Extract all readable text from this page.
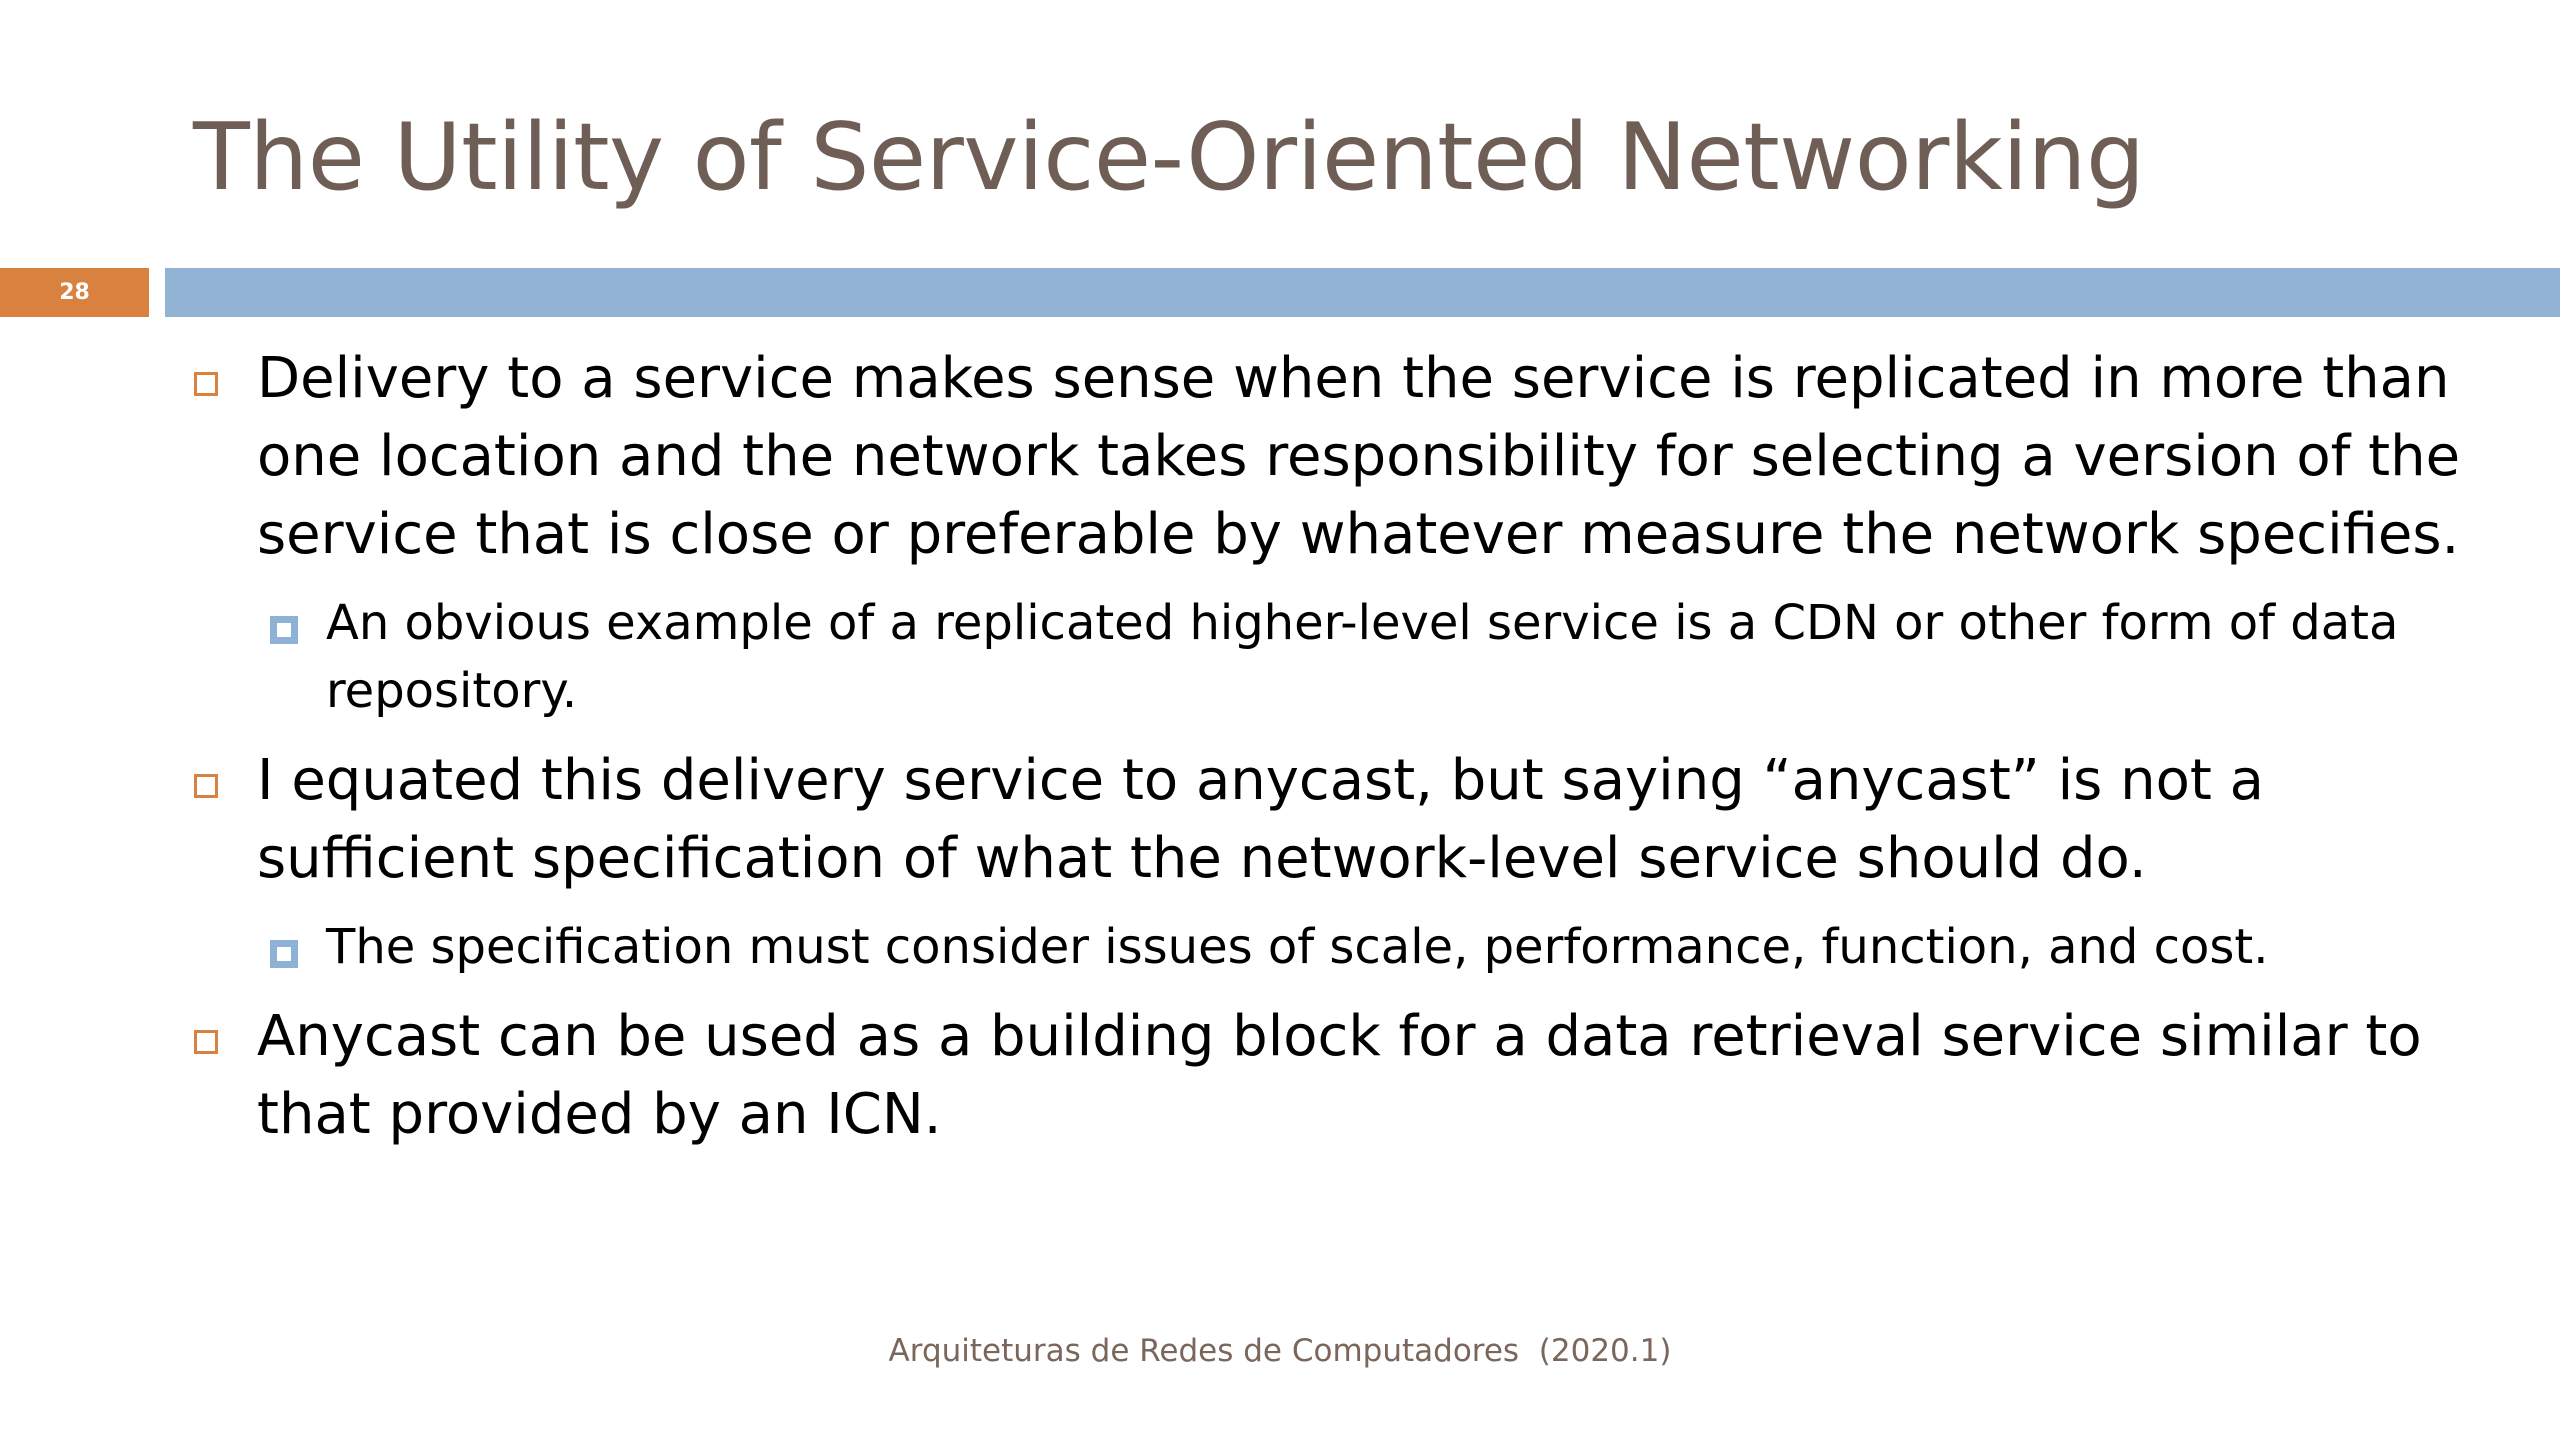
The Utility of Service-Oriented Networking
28
Delivery to a service makes sense when the service is replicated in more than one location and the network takes responsibility for selecting a version of the service that is close or preferable by whatever measure the network specifies.
An obvious example of a replicated higher-level service is a CDN or other form of data repository.
I equated this delivery service to anycast, but saying “anycast” is not a sufficient specification of what the network-level service should do.
The specification must consider issues of scale, performance, function, and cost.
Anycast can be used as a building block for a data retrieval service similar to that provided by an ICN.
Arquiteturas de Redes de Computadores  (2020.1)
